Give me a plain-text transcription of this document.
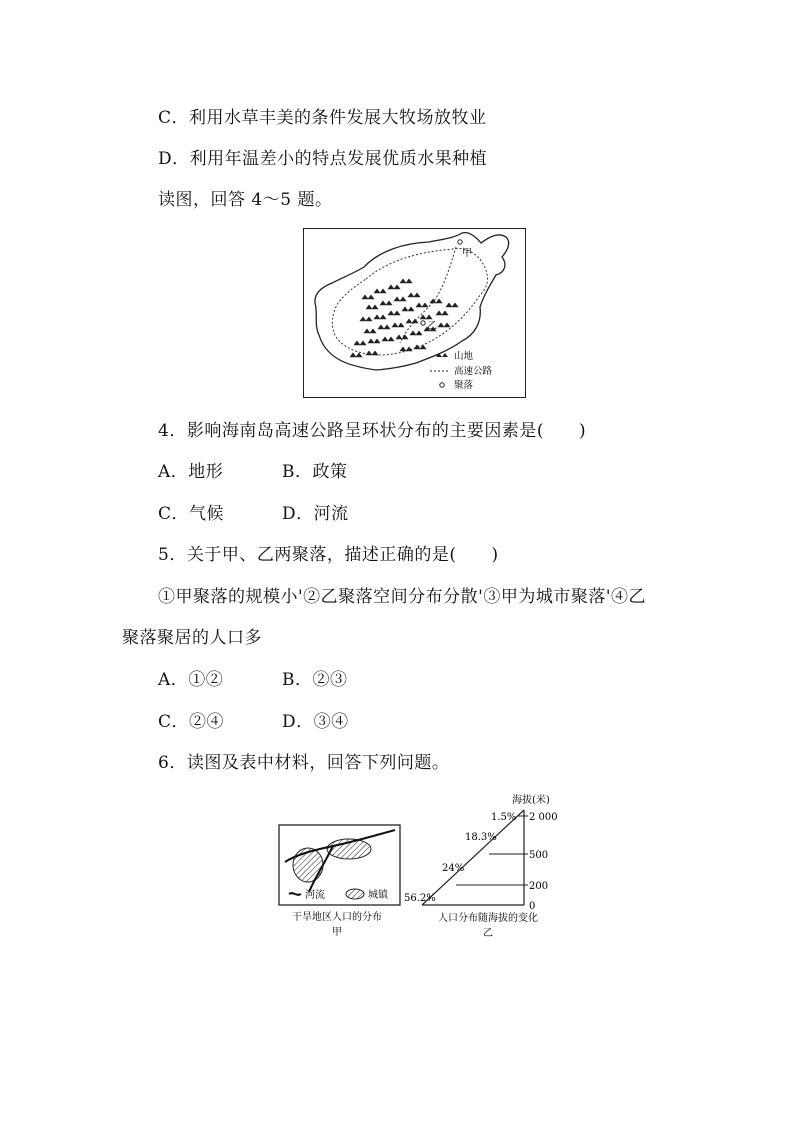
C．利用水草丰美的条件发展大牧场放牧业
D．利用年温差小的特点发展优质水果种植
读图，回答 4～5 题。
甲
乙
山地
高速公路
聚落
4．影响海南岛高速公路呈环状分布的主要因素是(　　)
A．地形	B．政策
C．气候	D．河流
5．关于甲、乙两聚落，描述正确的是(　　)
①甲聚落的规模小'②乙聚落空间分布分散'③甲为城市聚落'④乙
聚落聚居的人口多
A．①②	B．②③
C．②④	D．③④
6．读图及表中材料，回答下列问题。
河流	城镇
干旱地区人口的分布
甲
海拔(米)
2 000
500
200
0
1.5%
18.3%
24%
56.2%
人口分布随海拔的变化
乙
